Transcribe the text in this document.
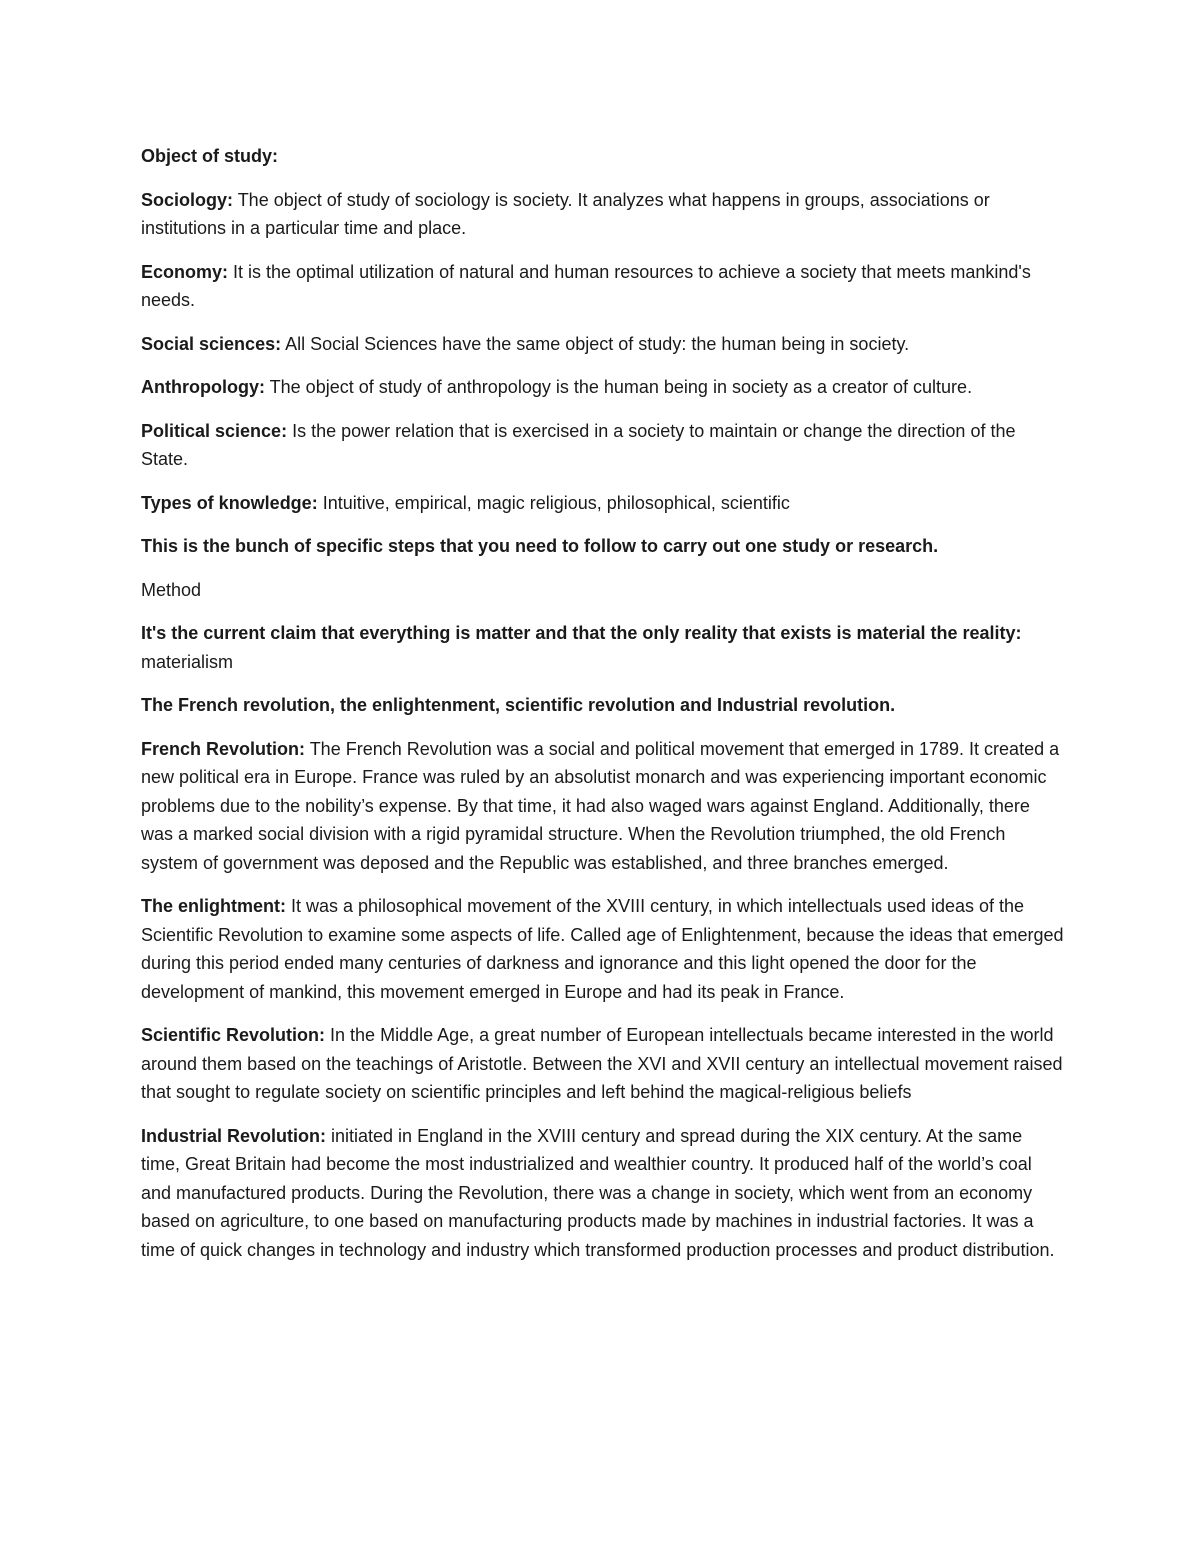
Object of study:

Sociology: The object of study of sociology is society. It analyzes what happens in groups, associations or institutions in a particular time and place.

Economy: It is the optimal utilization of natural and human resources to achieve a society that meets mankind's needs.

Social sciences: All Social Sciences have the same object of study: the human being in society.

Anthropology: The object of study of anthropology is the human being in society as a creator of culture.

Political science: Is the power relation that is exercised in a society to maintain or change the direction of the State.

Types of knowledge: Intuitive, empirical, magic religious, philosophical, scientific

This is the bunch of specific steps that you need to follow to carry out one study or research.

Method

It's the current claim that everything is matter and that the only reality that exists is material the reality: materialism

The French revolution, the enlightenment, scientific revolution and Industrial revolution.

French Revolution: The French Revolution was a social and political movement that emerged in 1789. It created a new political era in Europe. France was ruled by an absolutist monarch and was experiencing important economic problems due to the nobility’s expense. By that time, it had also waged wars against England. Additionally, there was a marked social division with a rigid pyramidal structure. When the Revolution triumphed, the old French system of government was deposed and the Republic was established, and three branches emerged.

The enlightment: It was a philosophical movement of the XVIII century, in which intellectuals used ideas of the Scientific Revolution to examine some aspects of life. Called age of Enlightenment, because the ideas that emerged during this period ended many centuries of darkness and ignorance and this light opened the door for the development of mankind, this movement emerged in Europe and had its peak in France.

Scientific Revolution: In the Middle Age, a great number of European intellectuals became interested in the world around them based on the teachings of Aristotle. Between the XVI and XVII century an intellectual movement raised that sought to regulate society on scientific principles and left behind the magical-religious beliefs

Industrial Revolution: initiated in England in the XVIII century and spread during the XIX century. At the same time, Great Britain had become the most industrialized and wealthier country. It produced half of the world’s coal and manufactured products. During the Revolution, there was a change in society, which went from an economy based on agriculture, to one based on manufacturing products made by machines in industrial factories. It was a time of quick changes in technology and industry which transformed production processes and product distribution.
